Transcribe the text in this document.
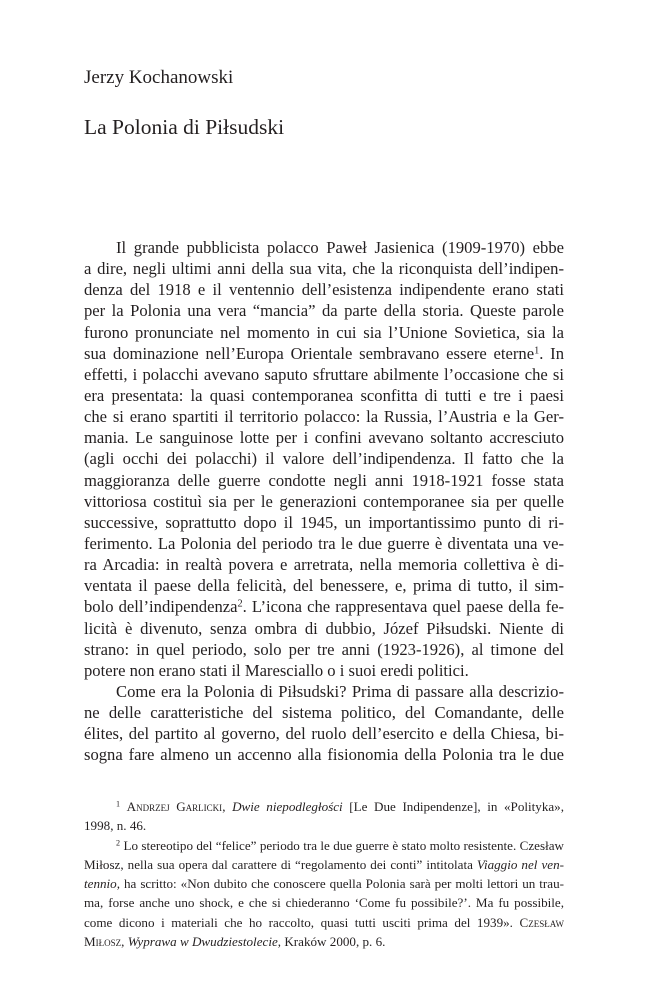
Jerzy Kochanowski
La Polonia di Piłsudski
Il grande pubblicista polacco Paweł Jasienica (1909-1970) ebbe
a dire, negli ultimi anni della sua vita, che la riconquista dell’indipen-
denza del 1918 e il ventennio dell’esistenza indipendente erano stati
per la Polonia una vera “mancia” da parte della storia. Queste parole
furono pronunciate nel momento in cui sia l’Unione Sovietica, sia la
sua dominazione nell’Europa Orientale sembravano essere eterne$^1$. In
effetti, i polacchi avevano saputo sfruttare abilmente l’occasione che si
era presentata: la quasi contemporanea sconfitta di tutti e tre i paesi
che si erano spartiti il territorio polacco: la Russia, l’Austria e la Ger-
mania. Le sanguinose lotte per i confini avevano soltanto accresciuto
(agli occhi dei polacchi) il valore dell’indipendenza. Il fatto che la
maggioranza delle guerre condotte negli anni 1918-1921 fosse stata
vittoriosa costituì sia per le generazioni contemporanee sia per quelle
successive, soprattutto dopo il 1945, un importantissimo punto di ri-
ferimento. La Polonia del periodo tra le due guerre è diventata una ve-
ra Arcadia: in realtà povera e arretrata, nella memoria collettiva è di-
ventata il paese della felicità, del benessere, e, prima di tutto, il sim-
bolo dell’indipendenza$^2$. L’icona che rappresentava quel paese della fe-
licità è divenuto, senza ombra di dubbio, Józef Piłsudski. Niente di
strano: in quel periodo, solo per tre anni (1923-1926), al timone del
potere non erano stati il Maresciallo o i suoi eredi politici.
Come era la Polonia di Piłsudski? Prima di passare alla descrizio-
ne delle caratteristiche del sistema politico, del Comandante, delle
élites, del partito al governo, del ruolo dell’esercito e della Chiesa, bi-
sogna fare almeno un accenno alla fisionomia della Polonia tra le due
$^1$ Andrzej Garlicki, Dwie niepodległości [Le Due Indipendenze], in «Polityka»,
1998, n. 46.
$^2$ Lo stereotipo del “felice” periodo tra le due guerre è stato molto resistente. Czesław
Miłosz, nella sua opera dal carattere di “regolamento dei conti” intitolata Viaggio nel ven-
tennio, ha scritto: «Non dubito che conoscere quella Polonia sarà per molti lettori un trau-
ma, forse anche uno shock, e che si chiederanno ‘Come fu possibile?’. Ma fu possibile,
come dicono i materiali che ho raccolto, quasi tutti usciti prima del 1939». Czesław
Miłosz, Wyprawa w Dwudziestolecie, Kraków 2000, p. 6.
